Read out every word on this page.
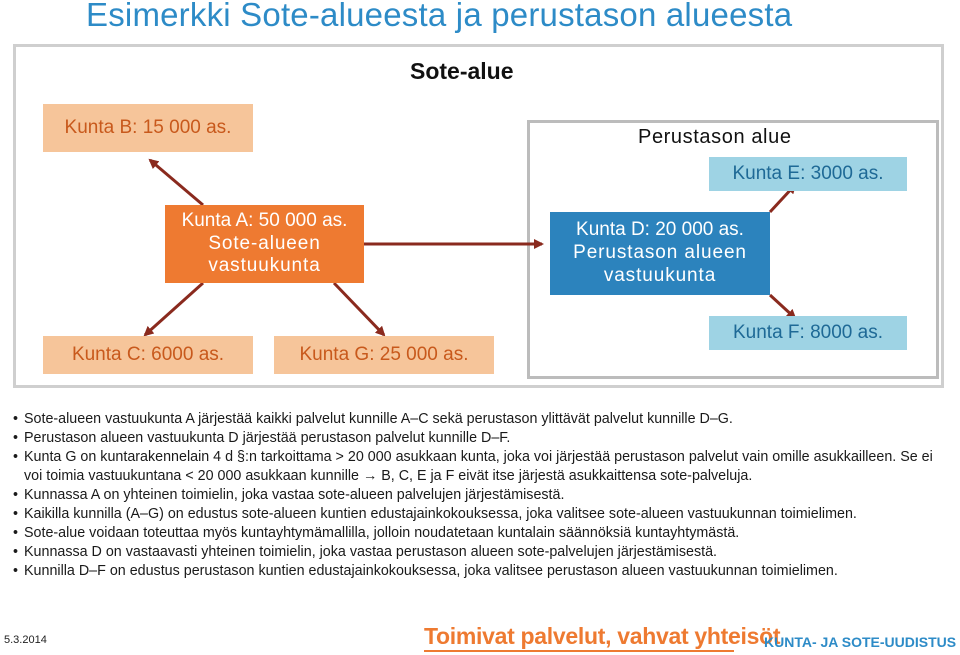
Esimerkki Sote-alueesta ja perustason alueesta
Sote-alue
Perustason alue
Kunta B: 15 000 as.
Kunta A: 50 000 as.
Sote-alueen
vastuukunta
Kunta C: 6000 as.	Kunta G: 25 000 as.
Kunta E: 3000 as.
Kunta D: 20 000 as.
Perustason alueen
vastuukunta
Kunta F: 8000 as.
• Sote-alueen vastuukunta A järjestää kaikki palvelut kunnille A–C sekä perustason ylittävät palvelut kunnille D–G.
• Perustason alueen vastuukunta D järjestää perustason palvelut kunnille D–F.
• Kunta G on kuntarakennelain 4 d §:n tarkoittama > 20 000 asukkaan kunta, joka voi järjestää perustason palvelut vain omille asukkailleen. Se ei voi toimia vastuukuntana < 20 000 asukkaan kunnille → B, C, E ja F eivät itse järjestä asukkaittensa sote-palveluja.
• Kunnassa A on yhteinen toimielin, joka vastaa sote-alueen palvelujen järjestämisestä.
• Kaikilla kunnilla (A–G) on edustus sote-alueen kuntien edustajainkokouksessa, joka valitsee sote-alueen vastuukunnan toimielimen.
• Sote-alue voidaan toteuttaa myös kuntayhtymämallilla, jolloin noudatetaan kuntalain säännöksiä kuntayhtymästä.
• Kunnassa D on vastaavasti yhteinen toimielin, joka vastaa perustason alueen sote-palvelujen järjestämisestä.
• Kunnilla D–F on edustus perustason kuntien edustajainkokouksessa, joka valitsee perustason alueen vastuukunnan toimielimen.
5.3.2014	Toimivat palvelut, vahvat yhteisöt
KUNTA- JA SOTE-UUDISTUS
